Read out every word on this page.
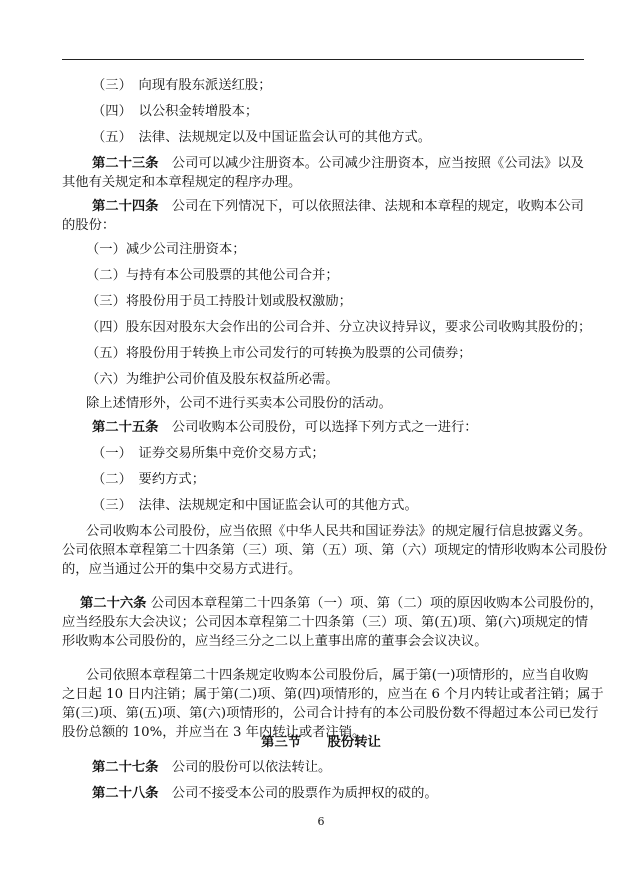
（三）　向现有股东派送红股；
（四）　以公积金转增股本；
（五）　法律、法规规定以及中国证监会认可的其他方式。
第二十三条　公司可以减少注册资本。公司减少注册资本，应当按照《公司法》以及
其他有关规定和本章程规定的程序办理。
第二十四条　公司在下列情况下，可以依照法律、法规和本章程的规定，收购本公司
的股份：
（一）减少公司注册资本；
（二）与持有本公司股票的其他公司合并；
（三）将股份用于员工持股计划或股权激励；
（四）股东因对股东大会作出的公司合并、分立决议持异议，要求公司收购其股份的；
（五）将股份用于转换上市公司发行的可转换为股票的公司债券；
（六）为维护公司价值及股东权益所必需。
除上述情形外，公司不进行买卖本公司股份的活动。
第二十五条　公司收购本公司股份，可以选择下列方式之一进行：
（一）　证券交易所集中竞价交易方式；
（二）　要约方式；
（三）　法律、法规规定和中国证监会认可的其他方式。
公司收购本公司股份，应当依照《中华人民共和国证券法》的规定履行信息披露义务。
公司依照本章程第二十四条第（三）项、第（五）项、第（六）项规定的情形收购本公司股份
的，应当通过公开的集中交易方式进行。
第二十六条 公司因本章程第二十四条第（一）项、第（二）项的原因收购本公司股份的，
应当经股东大会决议；公司因本章程第二十四条第（三）项、第(五)项、第(六)项规定的情
形收购本公司股份的，应当经三分之二以上董事出席的董事会会议决议。
公司依照本章程第二十四条规定收购本公司股份后，属于第(一)项情形的，应当自收购
之日起 10 日内注销；属于第(二)项、第(四)项情形的，应当在 6 个月内转让或者注销；属于
第(三)项、第(五)项、第(六)项情形的，公司合计持有的本公司股份数不得超过本公司已发行
股份总额的 10%，并应当在 3 年内转让或者注销。
第三节　　股份转让
第二十七条　公司的股份可以依法转让。
第二十八条　公司不接受本公司的股票作为质押权的砹的。
6
